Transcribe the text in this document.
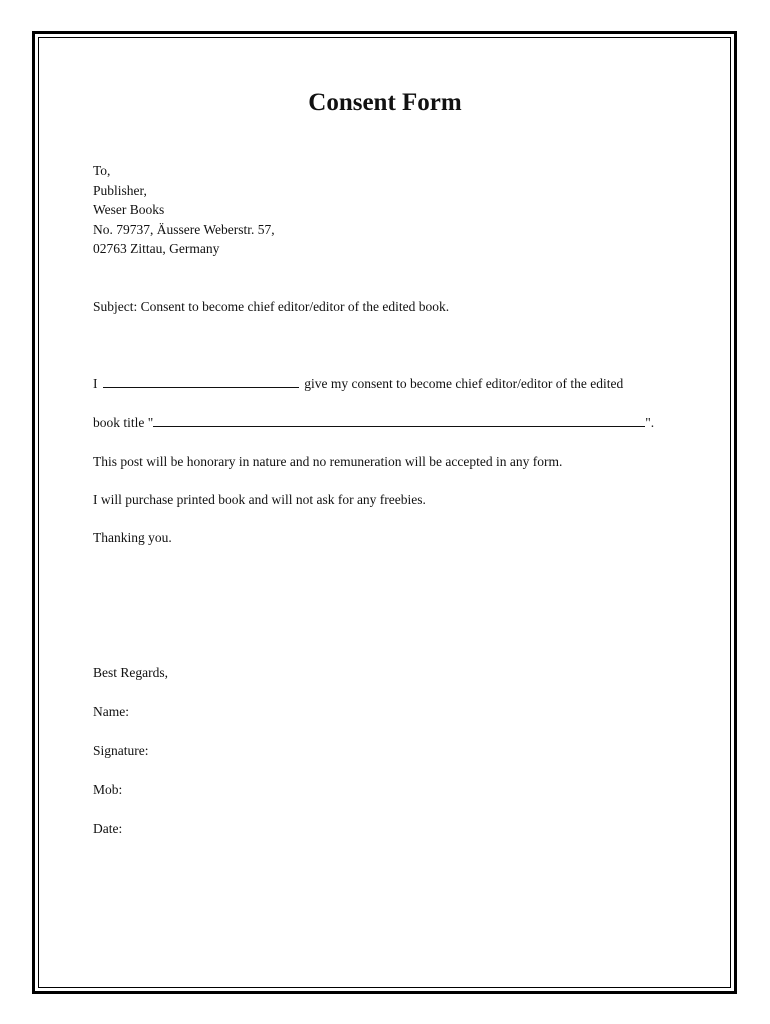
Consent Form
To,
Publisher,
Weser Books
No. 79737, Äussere Weberstr. 57,
02763 Zittau, Germany
Subject: Consent to become chief editor/editor of the edited book.
I	give my consent to become chief editor/editor of the edited
book title "	".
This post will be honorary in nature and no remuneration will be accepted in any form.
I will purchase printed book and will not ask for any freebies.
Thanking you.
Best Regards,
Name:
Signature:
Mob:
Date:
